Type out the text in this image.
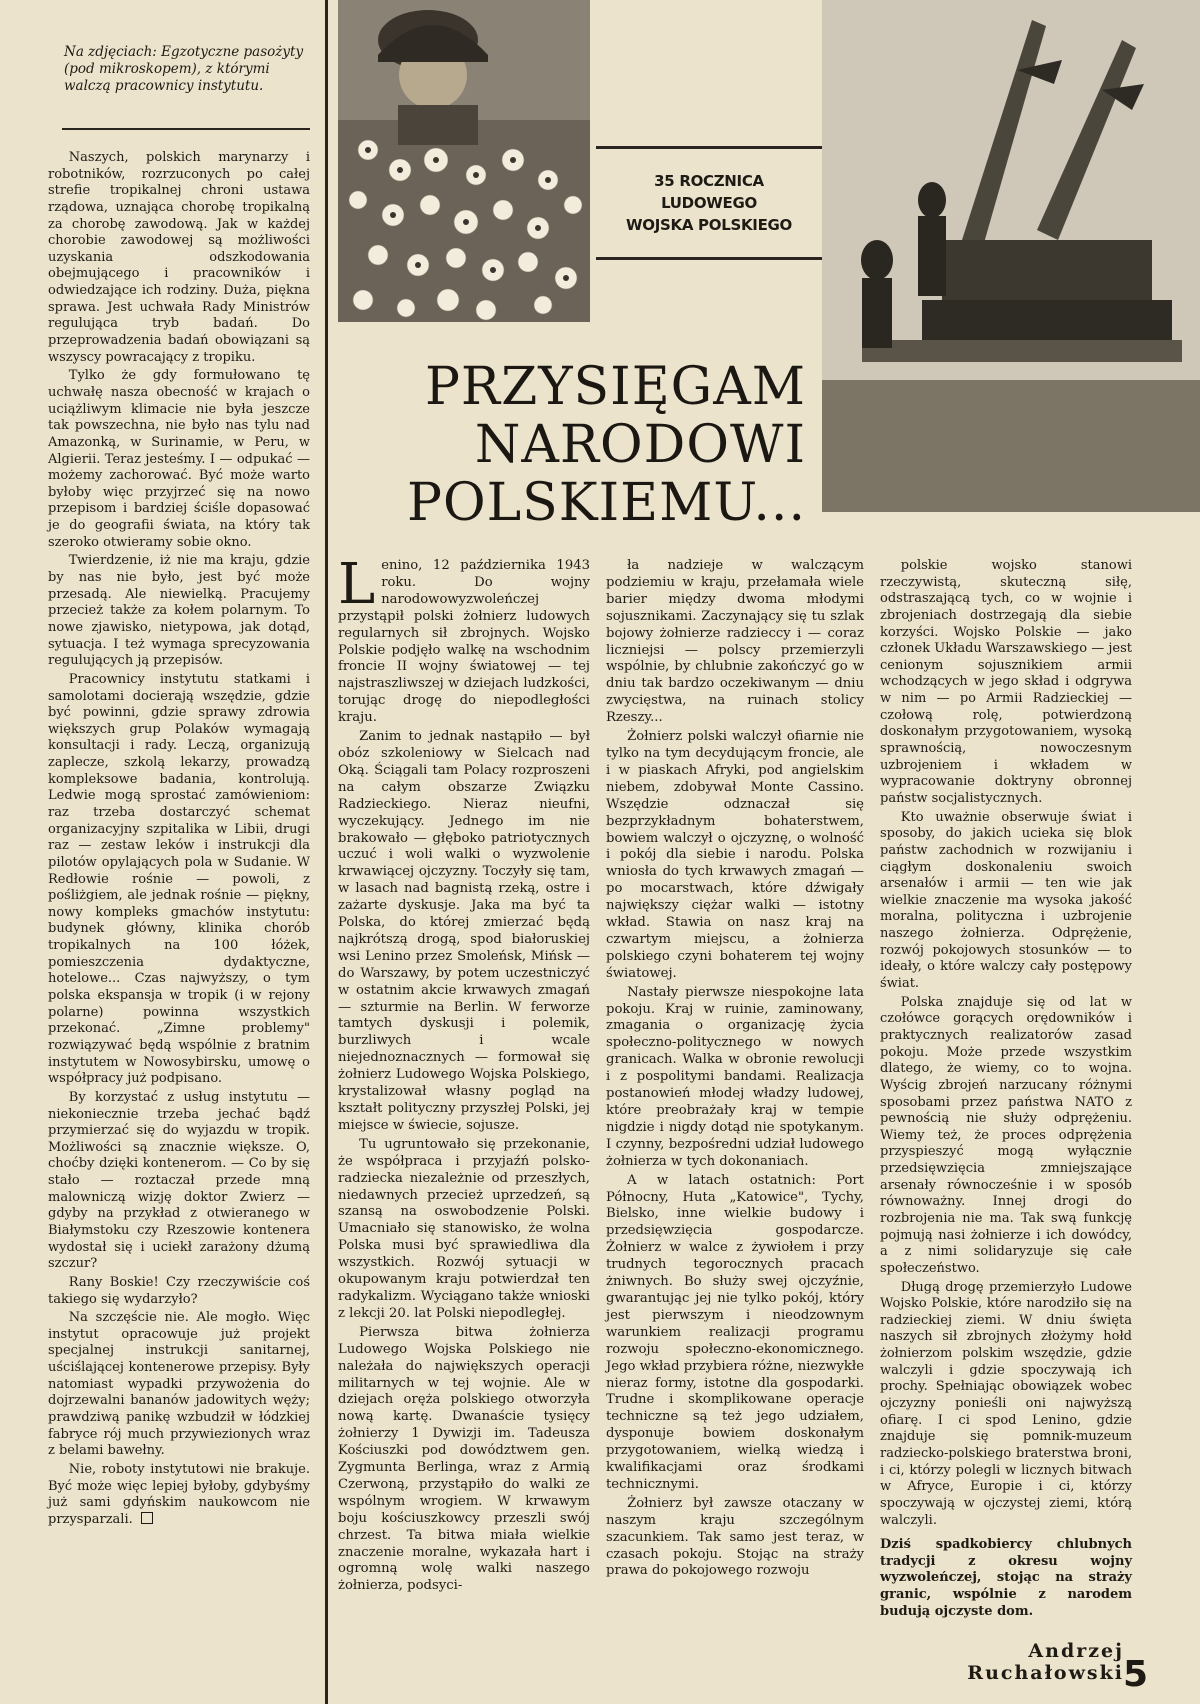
Na zdjęciach: Egzotyczne pasożyty (pod mikroskopem), z którymi walczą pracownicy instytutu.

Naszych, polskich marynarzy i robotników, rozrzuconych po całej strefie tropikalnej chroni ustawa rządowa, uznająca chorobę tropikalną za chorobę zawodową. Jak w każdej chorobie zawodowej są możliwości uzyskania odszkodowania obejmującego i pracowników i odwiedzające ich rodziny. Duża, piękna sprawa. Jest uchwała Rady Ministrów regulująca tryb badań. Do przeprowadzenia badań obowiązani są wszyscy powracający z tropiku.

Tylko że gdy formułowano tę uchwałę nasza obecność w krajach o uciążliwym klimacie nie była jeszcze tak powszechna, nie było nas tylu nad Amazonką, w Surinamie, w Peru, w Algierii. Teraz jesteśmy. I — odpukać — możemy zachorować. Być może warto byłoby więc przyjrzeć się na nowo przepisom i bardziej ściśle dopasować je do geografii świata, na który tak szeroko otwieramy sobie okno.

Twierdzenie, iż nie ma kraju, gdzie by nas nie było, jest być może przesadą. Ale niewielką. Pracujemy przecież także za kołem polarnym. To nowe zjawisko, nietypowa, jak dotąd, sytuacja. I też wymaga sprecyzowania regulujących ją przepisów.

Pracownicy instytutu statkami i samolotami docierają wszędzie, gdzie być powinni, gdzie sprawy zdrowia większych grup Polaków wymagają konsultacji i rady. Leczą, organizują zaplecze, szkolą lekarzy, prowadzą kompleksowe badania, kontrolują. Ledwie mogą sprostać zamówieniom: raz trzeba dostarczyć schemat organizacyjny szpitalika w Libii, drugi raz — zestaw leków i instrukcji dla pilotów opylających pola w Sudanie. W Redłowie rośnie — powoli, z pośliżgiem, ale jednak rośnie — piękny, nowy kompleks gmachów instytutu: budynek główny, klinika chorób tropikalnych na 100 łóżek, pomieszczenia dydaktyczne, hotelowe... Czas najwyższy, o tym polska ekspansja w tropik (i w rejony polarne) powinna wszystkich przekonać. „Zimne problemy" rozwiązywać będą wspólnie z bratnim instytutem w Nowosybirsku, umowę o współpracy już podpisano.

By korzystać z usług instytutu — niekoniecznie trzeba jechać bądź przymierzać się do wyjazdu w tropik. Możliwości są znacznie większe. O, choćby dzięki kontenerom. — Co by się stało — roztaczał przede mną malowniczą wizję doktor Zwierz — gdyby na przykład z otwieranego w Białymstoku czy Rzeszowie kontenera wydostał się i uciekł zarażony dżumą szczur?

Rany Boskie! Czy rzeczywiście coś takiego się wydarzyło?

Na szczęście nie. Ale mogło. Więc instytut opracowuje już projekt specjalnej instrukcji sanitarnej, uściślającej kontenerowe przepisy. Były natomiast wypadki przywożenia do dojrzewalni bananów jadowitych węży; prawdziwą panikę wzbudził w łódzkiej fabryce rój much przywiezionych wraz z belami bawełny.

Nie, roboty instytutowi nie brakuje. Być może więc lepiej byłoby, gdybyśmy już sami gdyńskim naukowcom nie przysparzali.

35 ROCZNICA
LUDOWEGO
WOJSKA POLSKIEGO
PRZYSIĘGAM
NARODOWI
POLSKIEMU...

Lenino, 12 października 1943 roku. Do wojny narodowowyzwoleńczej przystąpił polski żołnierz ludowych regularnych sił zbrojnych. Wojsko Polskie podjęło walkę na wschodnim froncie II wojny światowej — tej najstraszliwszej w dziejach ludzkości, torując drogę do niepodległości kraju.

Zanim to jednak nastąpiło — był obóz szkoleniowy w Sielcach nad Oką. Ściągali tam Polacy rozproszeni na całym obszarze Związku Radzieckiego. Nieraz nieufni, wyczekujący. Jednego im nie brakowało — głęboko patriotycznych uczuć i woli walki o wyzwolenie krwawiącej ojczyzny. Toczyły się tam, w lasach nad bagnistą rzeką, ostre i zażarte dyskusje. Jaka ma być ta Polska, do której zmierzać będą najkrótszą drogą, spod białoruskiej wsi Lenino przez Smoleńsk, Mińsk — do Warszawy, by potem uczestniczyć w ostatnim akcie krwawych zmagań — szturmie na Berlin. W ferworze tamtych dyskusji i polemik, burzliwych i wcale niejednoznacznych — formował się żołnierz Ludowego Wojska Polskiego, krystalizował własny pogląd na kształt polityczny przyszłej Polski, jej miejsce w świecie, sojusze.

Tu ugruntowało się przekonanie, że współpraca i przyjaźń polsko-radziecka niezależnie od przeszłych, niedawnych przecież uprzedzeń, są szansą na oswobodzenie Polski. Umacniało się stanowisko, że wolna Polska musi być sprawiedliwa dla wszystkich. Rozwój sytuacji w okupowanym kraju potwierdzał ten radykalizm. Wyciągano także wnioski z lekcji 20. lat Polski niepodległej.

Pierwsza bitwa żołnierza Ludowego Wojska Polskiego nie należała do największych operacji militarnych w tej wojnie. Ale w dziejach oręża polskiego otworzyła nową kartę. Dwanaście tysięcy żołnierzy 1 Dywizji im. Tadeusza Kościuszki pod dowództwem gen. Zygmunta Berlinga, wraz z Armią Czerwoną, przystąpiło do walki ze wspólnym wrogiem. W krwawym boju kościuszkowcy przeszli swój chrzest. Ta bitwa miała wielkie znaczenie moralne, wykazała hart i ogromną wolę walki naszego żołnierza, podsyci-

ła nadzieje w walczącym podziemiu w kraju, przełamała wiele barier między dwoma młodymi sojusznikami. Zaczynający się tu szlak bojowy żołnierze radzieccy i — coraz liczniejsi — polscy przemierzyli wspólnie, by chlubnie zakończyć go w dniu tak bardzo oczekiwanym — dniu zwycięstwa, na ruinach stolicy Rzeszy...

Żołnierz polski walczył ofiarnie nie tylko na tym decydującym froncie, ale i w piaskach Afryki, pod angielskim niebem, zdobywał Monte Cassino. Wszędzie odznaczał się bezprzykładnym bohaterstwem, bowiem walczył o ojczyznę, o wolność i pokój dla siebie i narodu. Polska wniosła do tych krwawych zmagań — po mocarstwach, które dźwigały największy ciężar walki — istotny wkład. Stawia on nasz kraj na czwartym miejscu, a żołnierza polskiego czyni bohaterem tej wojny światowej.

Nastały pierwsze niespokojne lata pokoju. Kraj w ruinie, zaminowany, zmagania o organizację życia społeczno-politycznego w nowych granicach. Walka w obronie rewolucji i z pospolitymi bandami. Realizacja postanowień młodej władzy ludowej, które preobrażały kraj w tempie nigdzie i nigdy dotąd nie spotykanym. I czynny, bezpośredni udział ludowego żołnierza w tych dokonaniach.

A w latach ostatnich: Port Północny, Huta „Katowice", Tychy, Bielsko, inne wielkie budowy i przedsięwzięcia gospodarcze. Żołnierz w walce z żywiołem i przy trudnych tegorocznych pracach żniwnych. Bo służy swej ojczyźnie, gwarantując jej nie tylko pokój, który jest pierwszym i nieodzownym warunkiem realizacji programu rozwoju społeczno-ekonomicznego. Jego wkład przybiera różne, niezwykłe nieraz formy, istotne dla gospodarki. Trudne i skomplikowane operacje techniczne są też jego udziałem, dysponuje bowiem doskonałym przygotowaniem, wielką wiedzą i kwalifikacjami oraz środkami technicznymi.

Żołnierz był zawsze otaczany w naszym kraju szczególnym szacunkiem. Tak samo jest teraz, w czasach pokoju. Stojąc na straży prawa do pokojowego rozwoju

polskie wojsko stanowi rzeczywistą, skuteczną siłę, odstraszającą tych, co w wojnie i zbrojeniach dostrzegają dla siebie korzyści. Wojsko Polskie — jako członek Układu Warszawskiego — jest cenionym sojusznikiem armii wchodzących w jego skład i odgrywa w nim — po Armii Radzieckiej — czołową rolę, potwierdzoną doskonałym przygotowaniem, wysoką sprawnością, nowoczesnym uzbrojeniem i wkładem w wypracowanie doktryny obronnej państw socjalistycznych.

Kto uważnie obserwuje świat i sposoby, do jakich ucieka się blok państw zachodnich w rozwijaniu i ciągłym doskonaleniu swoich arsenałów i armii — ten wie jak wielkie znaczenie ma wysoka jakość moralna, polityczna i uzbrojenie naszego żołnierza. Odprężenie, rozwój pokojowych stosunków — to ideały, o które walczy cały postępowy świat.

Polska znajduje się od lat w czołówce gorących orędowników i praktycznych realizatorów zasad pokoju. Może przede wszystkim dlatego, że wiemy, co to wojna. Wyścig zbrojeń narzucany różnymi sposobami przez państwa NATO z pewnością nie służy odprężeniu. Wiemy też, że proces odprężenia przyspieszyć mogą wyłącznie przedsięwzięcia zmniejszające arsenały równocześnie i w sposób równoważny. Innej drogi do rozbrojenia nie ma. Tak swą funkcję pojmują nasi żołnierze i ich dowódcy, a z nimi solidaryzuje się całe społeczeństwo.

Długą drogę przemierzyło Ludowe Wojsko Polskie, które narodziło się na radzieckiej ziemi. W dniu święta naszych sił zbrojnych złożymy hołd żołnierzom polskim wszędzie, gdzie walczyli i gdzie spoczywają ich prochy. Spełniając obowiązek wobec ojczyzny ponieśli oni najwyższą ofiarę. I ci spod Lenino, gdzie znajduje się pomnik-muzeum radziecko-polskiego braterstwa broni, i ci, którzy polegli w licznych bitwach w Afryce, Europie i ci, którzy spoczywają w ojczystej ziemi, którą walczyli.

Dziś spadkobiercy chlubnych tradycji z okresu wojny wyzwoleńczej, stojąc na straży granic, wspólnie z narodem budują ojczyste dom.

Andrzej Ruchałowski
5
